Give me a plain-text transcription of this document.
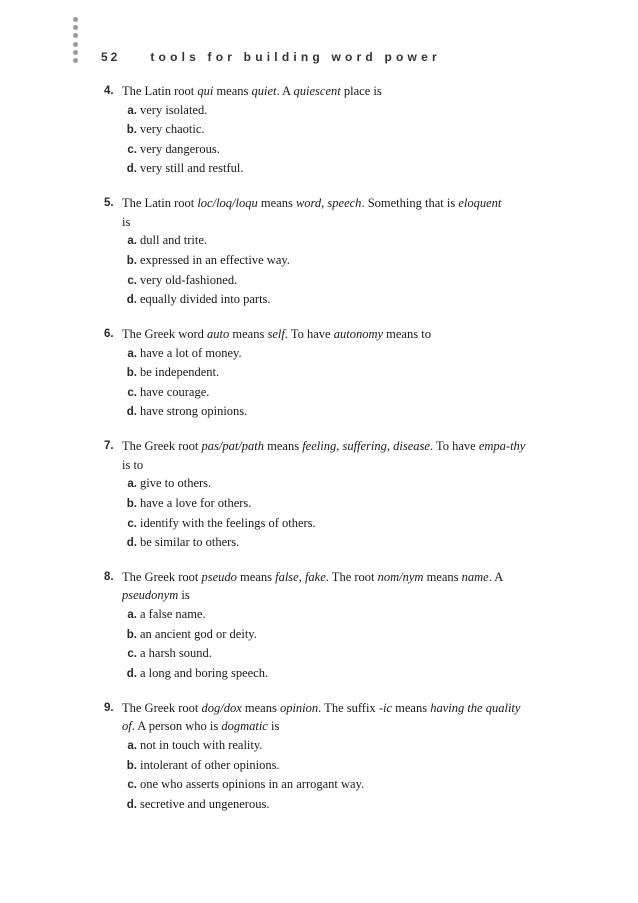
52	tools for building word power
4. The Latin root qui means quiet. A quiescent place is
a. very isolated.
b. very chaotic.
c. very dangerous.
d. very still and restful.
5. The Latin root loc/loq/loqu means word, speech. Something that is eloquent
is
a. dull and trite.
b. expressed in an effective way.
c. very old-fashioned.
d. equally divided into parts.
6. The Greek word auto means self. To have autonomy means to
a. have a lot of money.
b. be independent.
c. have courage.
d. have strong opinions.
7. The Greek root pas/pat/path means feeling, suffering, disease. To have empa-thy is to
a. give to others.
b. have a love for others.
c. identify with the feelings of others.
d. be similar to others.
8. The Greek root pseudo means false, fake. The root nom/nym means name. A pseudonym is
a. a false name.
b. an ancient god or deity.
c. a harsh sound.
d. a long and boring speech.
9. The Greek root dog/dox means opinion. The suffix -ic means having the quality of. A person who is dogmatic is
a. not in touch with reality.
b. intolerant of other opinions.
c. one who asserts opinions in an arrogant way.
d. secretive and ungenerous.
